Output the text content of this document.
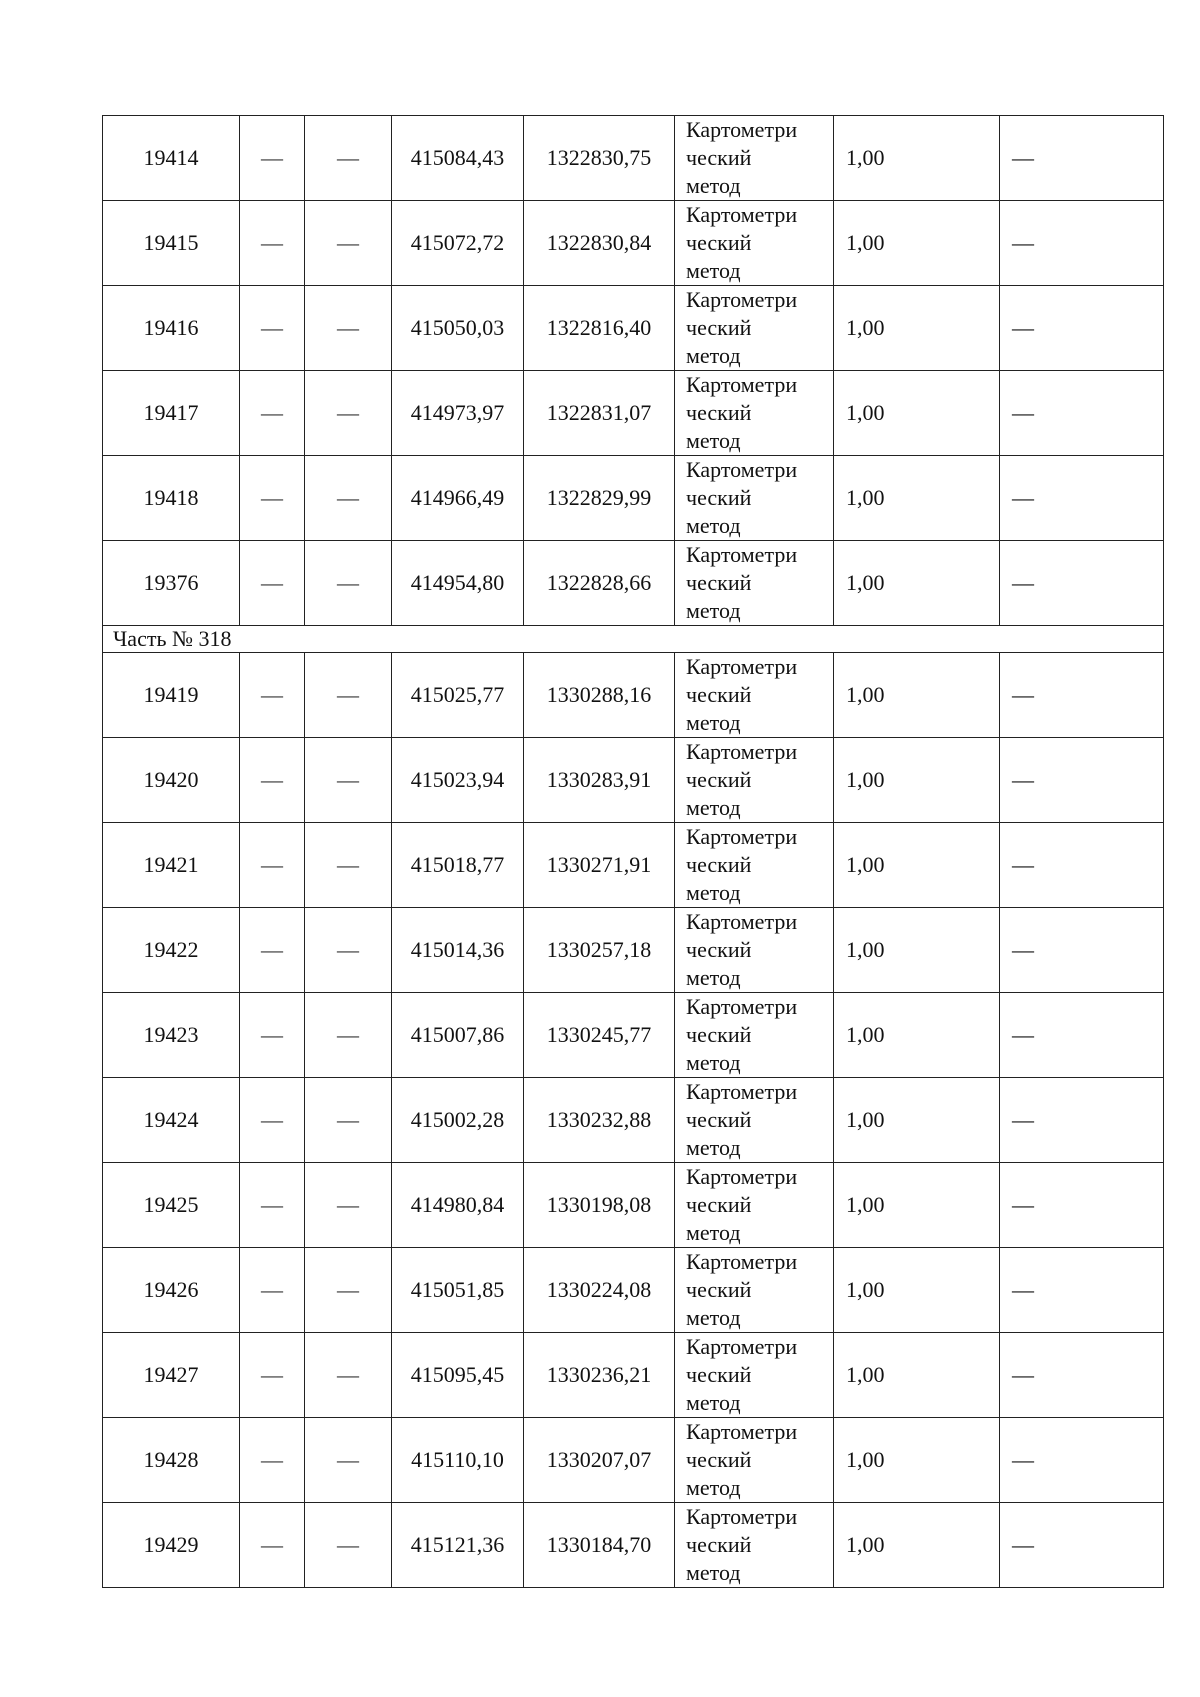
19414	—	—	415084,43	1322830,75	Картометри
ческий
метод	1,00	—
19415	—	—	415072,72	1322830,84	Картометри
ческий
метод	1,00	—
19416	—	—	415050,03	1322816,40	Картометри
ческий
метод	1,00	—
19417	—	—	414973,97	1322831,07	Картометри
ческий
метод	1,00	—
19418	—	—	414966,49	1322829,99	Картометри
ческий
метод	1,00	—
19376	—	—	414954,80	1322828,66	Картометри
ческий
метод	1,00	—
Часть № 318							
19419	—	—	415025,77	1330288,16	Картометри
ческий
метод	1,00	—
19420	—	—	415023,94	1330283,91	Картометри
ческий
метод	1,00	—
19421	—	—	415018,77	1330271,91	Картометри
ческий
метод	1,00	—
19422	—	—	415014,36	1330257,18	Картометри
ческий
метод	1,00	—
19423	—	—	415007,86	1330245,77	Картометри
ческий
метод	1,00	—
19424	—	—	415002,28	1330232,88	Картометри
ческий
метод	1,00	—
19425	—	—	414980,84	1330198,08	Картометри
ческий
метод	1,00	—
19426	—	—	415051,85	1330224,08	Картометри
ческий
метод	1,00	—
19427	—	—	415095,45	1330236,21	Картометри
ческий
метод	1,00	—
19428	—	—	415110,10	1330207,07	Картометри
ческий
метод	1,00	—
19429	—	—	415121,36	1330184,70	Картометри
ческий
метод	1,00	—
